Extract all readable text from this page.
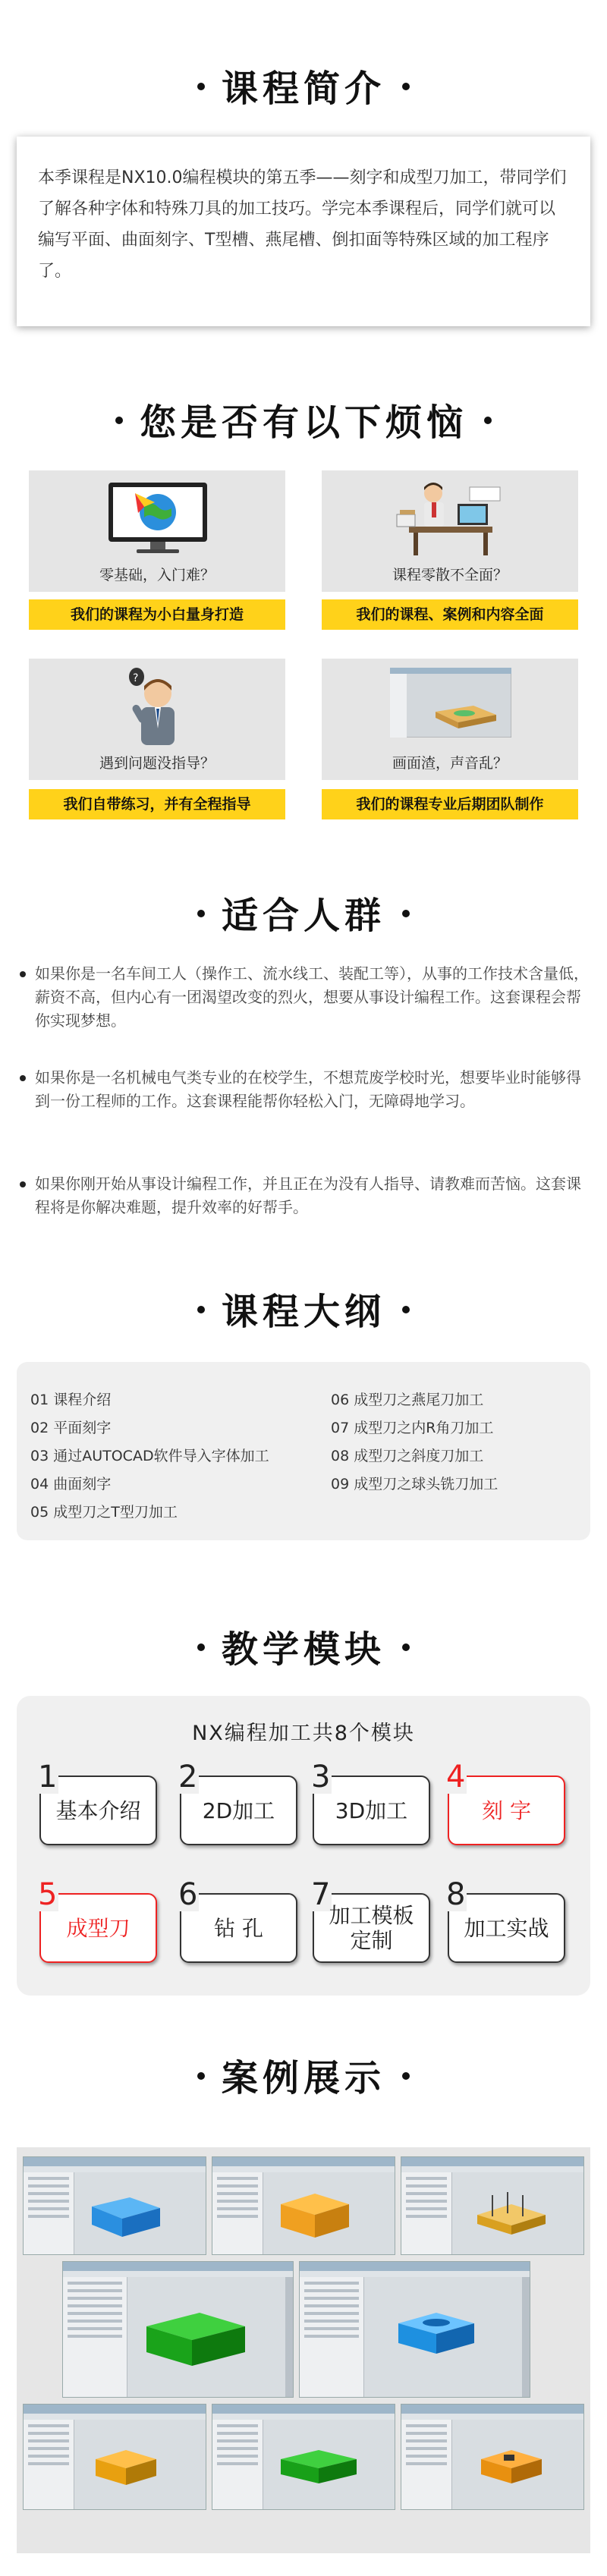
课程简介

本季课程是NX10.0编程模块的第五季——刻字和成型刀加工，带同学们了解各种字体和特殊刀具的加工技巧。学完本季课程后，同学们就可以编写平面、曲面刻字、T型槽、燕尾槽、倒扣面等特殊区域的加工程序了。

您是否有以下烦恼
零基础，入门难？
我们的课程为小白量身打造
课程零散不全面？
我们的课程、案例和内容全面
?
遇到问题没指导？
我们自带练习，并有全程指导
画面渣，声音乱？
我们的课程专业后期团队制作
适合人群
如果你是一名车间工人（操作工、流水线工、装配工等），从事的工作技术含量低，薪资不高，但内心有一团渴望改变的烈火，想要从事设计编程工作。这套课程会帮你实现梦想。
如果你是一名机械电气类专业的在校学生，不想荒废学校时光，想要毕业时能够得到一份工程师的工作。这套课程能帮你轻松入门，无障碍地学习。
如果你刚开始从事设计编程工作，并且正在为没有人指导、请教难而苦恼。这套课程将是你解决难题，提升效率的好帮手。
课程大纲
01 课程介绍
02 平面刻字
03 通过AUTOCAD软件导入字体加工
04 曲面刻字
05 成型刀之T型刀加工
06 成型刀之燕尾刀加工
07 成型刀之内R角刀加工
08 成型刀之斜度刀加工
09 成型刀之球头铣刀加工
教学模块
NX编程加工共8个模块
1
基本介绍
2
2D加工
3
3D加工
4
刻 字
5
成型刀
6
钻 孔
7
加工模板
定制
8
加工实战
案例展示
